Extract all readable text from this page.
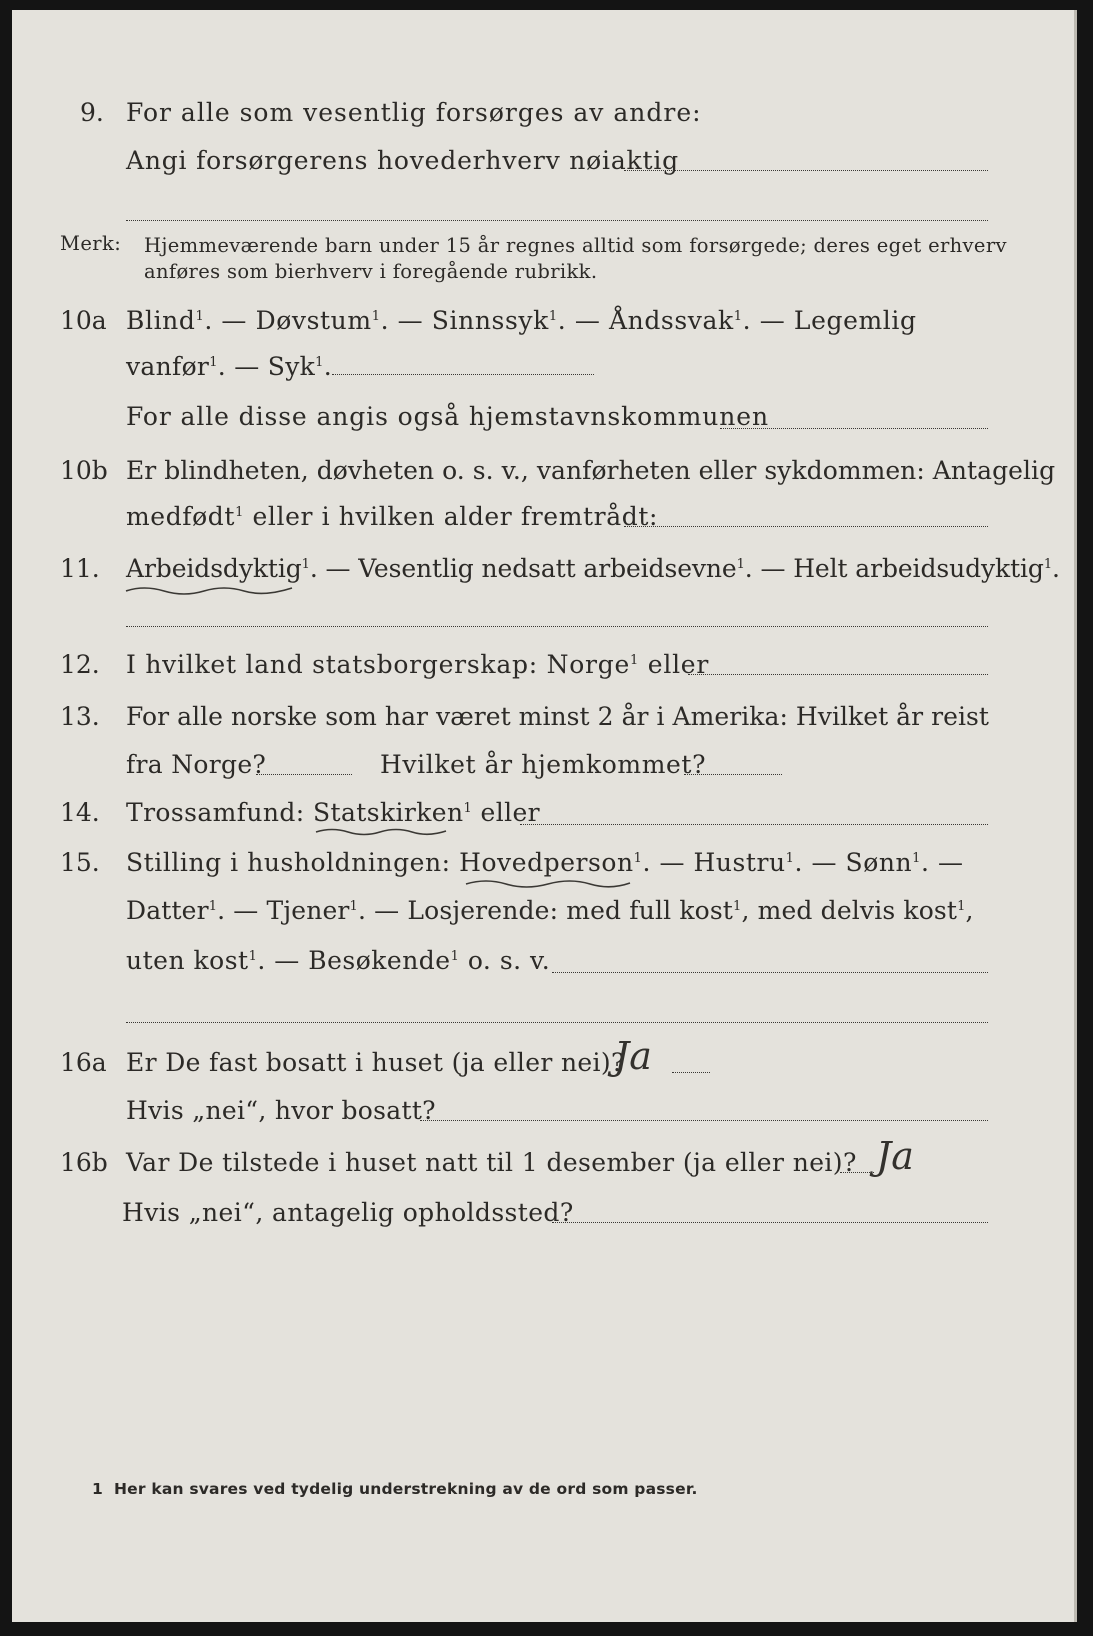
9. For alle som vesentlig forsørges av andre:
Angi forsørgerens hovederhverv nøiaktig
Merk: Hjemmeværende barn under 15 år regnes alltid som forsørgede; deres eget erhverv
anføres som bierhverv i foregående rubrikk.
10a Blind$^1$. — Døvstum$^1$. — Sinnssyk$^1$. — Åndssvak$^1$. — Legemlig
vanfør$^1$. — Syk$^1$.
For alle disse angis også hjemstavnskommunen
10b Er blindheten, døvheten o. s. v., vanførheten eller sykdommen: Antagelig
medfødt$^1$ eller i hvilken alder fremtrådt:
11. Arbeidsdyktig$^1$. — Vesentlig nedsatt arbeidsevne$^1$. — Helt arbeidsudyktig$^1$.
12. I hvilket land statsborgerskap: Norge$^1$ eller
13. For alle norske som har været minst 2 år i Amerika: Hvilket år reist
fra Norge?	Hvilket år hjemkommet?
14. Trossamfund: Statskirken$^1$ eller
15. Stilling i husholdningen: Hovedperson$^1$. — Hustru$^1$. — Sønn$^1$. —
Datter$^1$. — Tjener$^1$. — Losjerende: med full kost$^1$, med delvis kost$^1$,
uten kost$^1$. — Besøkende$^1$ o. s. v.
16a Er De fast bosatt i huset (ja eller nei)?
Ja
Hvis „nei“, hvor bosatt?
16b Var De tilstede i huset natt til 1 desember (ja eller nei)? Ja
Hvis „nei“, antagelig opholdssted?
1 Her kan svares ved tydelig understrekning av de ord som passer.
